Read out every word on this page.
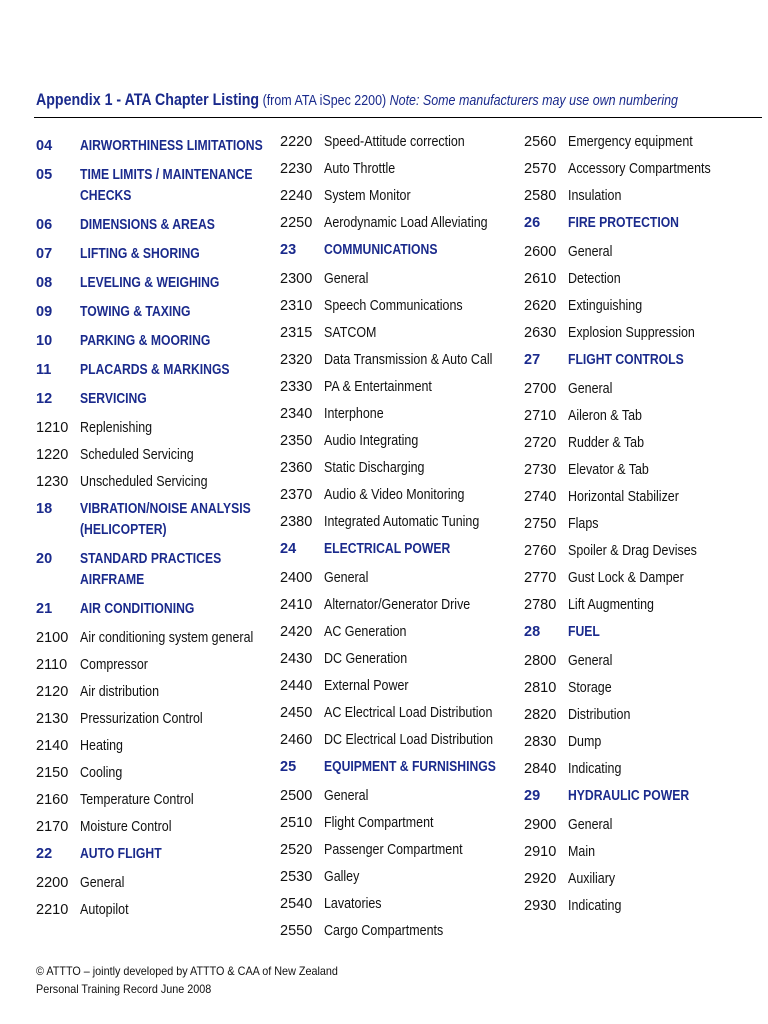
Appendix 1 - ATA Chapter Listing (from ATA iSpec 2200) Note: Some manufacturers may use own numbering
04	AIRWORTHINESS LIMITATIONS
05	TIME LIMITS / MAINTENANCE
CHECKS
06	DIMENSIONS & AREAS
07	LIFTING & SHORING
08	LEVELING & WEIGHING
09	TOWING & TAXING
10	PARKING & MOORING
11	PLACARDS & MARKINGS
12	SERVICING
1210 Replenishing
1220 Scheduled Servicing
1230 Unscheduled Servicing
18	VIBRATION/NOISE ANALYSIS
(HELICOPTER)
20	STANDARD PRACTICES
AIRFRAME
21	AIR CONDITIONING
2100 Air conditioning system general
2110 Compressor
2120 Air distribution
2130 Pressurization Control
2140 Heating
2150 Cooling
2160 Temperature Control
2170 Moisture Control
22	AUTO FLIGHT
2200 General
2210 Autopilot
2220 Speed-Attitude correction
2230 Auto Throttle
2240 System Monitor
2250 Aerodynamic Load Alleviating
23	COMMUNICATIONS
2300 General
2310 Speech Communications
2315 SATCOM
2320 Data Transmission & Auto Call
2330 PA & Entertainment
2340 Interphone
2350 Audio Integrating
2360 Static Discharging
2370 Audio & Video Monitoring
2380 Integrated Automatic Tuning
24	ELECTRICAL POWER
2400 General
2410 Alternator/Generator Drive
2420 AC Generation
2430 DC Generation
2440 External Power
2450 AC Electrical Load Distribution
2460 DC Electrical Load Distribution
25	EQUIPMENT & FURNISHINGS
2500 General
2510 Flight Compartment
2520 Passenger Compartment
2530 Galley
2540 Lavatories
2550 Cargo Compartments
2560 Emergency equipment
2570 Accessory Compartments
2580 Insulation
26	FIRE PROTECTION
2600 General
2610 Detection
2620 Extinguishing
2630 Explosion Suppression
27	FLIGHT CONTROLS
2700 General
2710 Aileron & Tab
2720 Rudder & Tab
2730 Elevator & Tab
2740 Horizontal Stabilizer
2750 Flaps
2760 Spoiler & Drag Devises
2770 Gust Lock & Damper
2780 Lift Augmenting
28	FUEL
2800 General
2810 Storage
2820 Distribution
2830 Dump
2840 Indicating
29	HYDRAULIC POWER
2900 General
2910 Main
2920 Auxiliary
2930 Indicating
© ATTTO – jointly developed by ATTTO & CAA of New Zealand
Personal Training Record June 2008
